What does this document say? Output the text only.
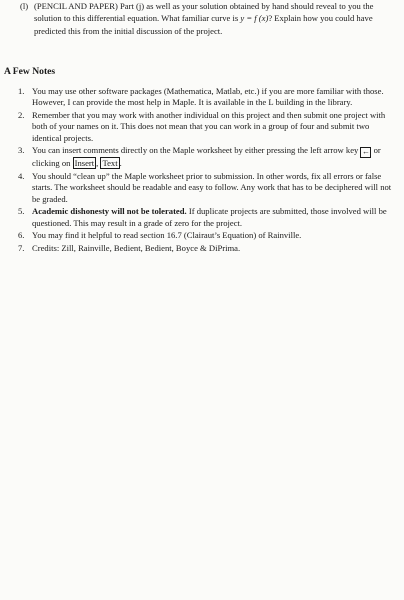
(l) (PENCIL AND PAPER) Part (j) as well as your solution obtained by hand should reveal to you the solution to this differential equation. What familiar curve is y = f (x)? Explain how you could have predicted this from the initial discussion of the project.
A Few Notes
1. You may use other software packages (Mathematica, Matlab, etc.) if you are more familiar with those. However, I can provide the most help in Maple. It is available in the L building in the library.
2. Remember that you may work with another individual on this project and then submit one project with both of your names on it. This does not mean that you can work in a group of four and submit two identical projects.
3. You can insert comments directly on the Maple worksheet by either pressing the left arrow key ← or clicking on Insert , Text .
4. You should “clean up” the Maple worksheet prior to submission. In other words, fix all errors or false starts. The worksheet should be readable and easy to follow. Any work that has to be deciphered will not be graded.
5. Academic dishonesty will not be tolerated. If duplicate projects are submitted, those involved will be questioned. This may result in a grade of zero for the project.
6. You may find it helpful to read section 16.7 (Clairaut’s Equation) of Rainville.
7. Credits: Zill, Rainville, Bedient, Bedient, Boyce & DiPrima.
